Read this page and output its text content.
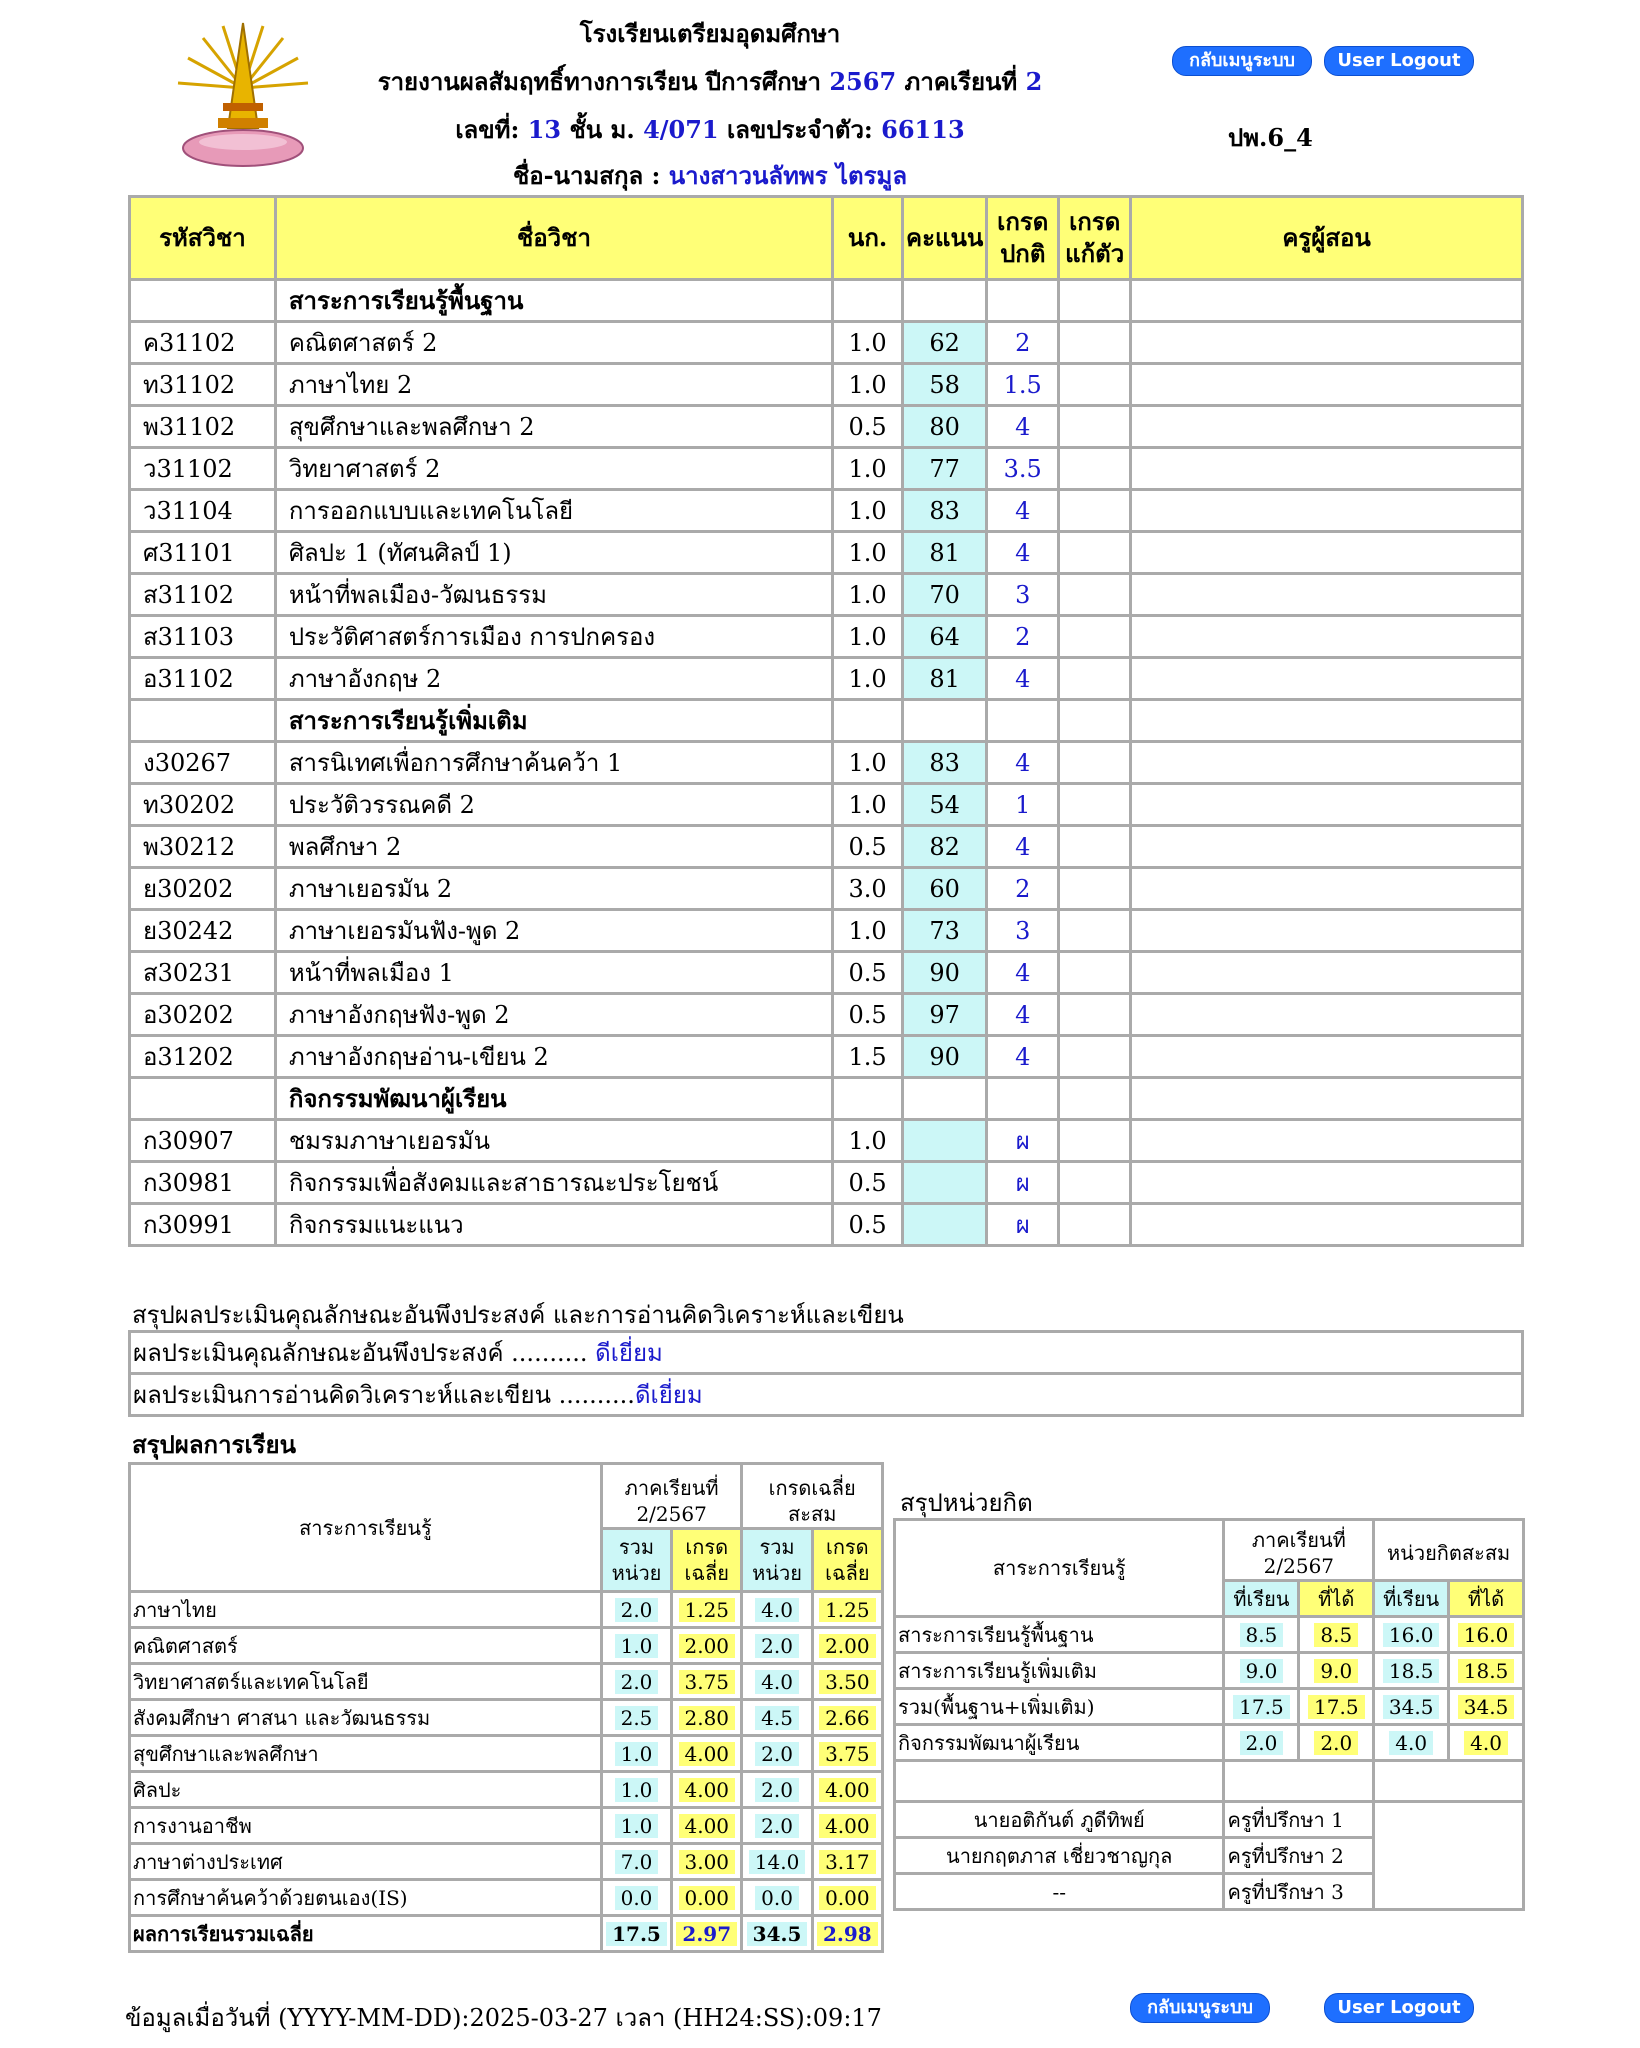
โรงเรียนเตรียมอุดมศึกษา
รายงานผลสัมฤทธิ์ทางการเรียน ปีการศึกษา 2567 ภาคเรียนที่ 2
เลขที่: 13 ชั้น ม. 4/071 เลขประจำตัว: 66113
ชื่อ-นามสกุล : นางสาวนลัทพร ไตรมูล
ปพ.6_4
กลับเมนูระบบ	User Logout
รหัสวิชา	ชื่อวิชา	นก.	คะแนน	เกรด ปกติ	เกรด แก้ตัว	ครูผู้สอน
	สาระการเรียนรู้พื้นฐาน					
ค31102	คณิตศาสตร์ 2	1.0	62	2		
ท31102	ภาษาไทย 2	1.0	58	1.5		
พ31102	สุขศึกษาและพลศึกษา 2	0.5	80	4		
ว31102	วิทยาศาสตร์ 2	1.0	77	3.5		
ว31104	การออกแบบและเทคโนโลยี	1.0	83	4		
ศ31101	ศิลปะ 1 (ทัศนศิลป์ 1)	1.0	81	4		
ส31102	หน้าที่พลเมือง-วัฒนธรรม	1.0	70	3		
ส31103	ประวัติศาสตร์การเมือง การปกครอง	1.0	64	2		
อ31102	ภาษาอังกฤษ 2	1.0	81	4		
	สาระการเรียนรู้เพิ่มเติม					
ง30267	สารนิเทศเพื่อการศึกษาค้นคว้า 1	1.0	83	4		
ท30202	ประวัติวรรณคดี 2	1.0	54	1		
พ30212	พลศึกษา 2	0.5	82	4		
ย30202	ภาษาเยอรมัน 2	3.0	60	2		
ย30242	ภาษาเยอรมันฟัง-พูด 2	1.0	73	3		
ส30231	หน้าที่พลเมือง 1	0.5	90	4		
อ30202	ภาษาอังกฤษฟัง-พูด 2	0.5	97	4		
อ31202	ภาษาอังกฤษอ่าน-เขียน 2	1.5	90	4		
	กิจกรรมพัฒนาผู้เรียน					
ก30907	ชมรมภาษาเยอรมัน	1.0		ผ		
ก30981	กิจกรรมเพื่อสังคมและสาธารณะประโยชน์	0.5		ผ		
ก30991	กิจกรรมแนะแนว	0.5		ผ		
สรุปผลประเมินคุณลักษณะอันพึงประสงค์ และการอ่านคิดวิเคราะห์และเขียน
ผลประเมินคุณลักษณะอันพึงประสงค์ .......... ดีเยี่ยม
ผลประเมินการอ่านคิดวิเคราะห์และเขียน ..........ดีเยี่ยม
สรุปผลการเรียน
สาระการเรียนรู้	ภาคเรียนที่ 2/2567		เกรดเฉลี่ย สะสม	
	รวม หน่วย	เกรด เฉลี่ย	รวม หน่วย	เกรด เฉลี่ย
ภาษาไทย	2.0	1.25	4.0	1.25
คณิตศาสตร์	1.0	2.00	2.0	2.00
วิทยาศาสตร์และเทคโนโลยี	2.0	3.75	4.0	3.50
สังคมศึกษา ศาสนา และวัฒนธรรม	2.5	2.80	4.5	2.66
สุขศึกษาและพลศึกษา	1.0	4.00	2.0	3.75
ศิลปะ	1.0	4.00	2.0	4.00
การงานอาชีพ	1.0	4.00	2.0	4.00
ภาษาต่างประเทศ	7.0	3.00	14.0	3.17
การศึกษาค้นคว้าด้วยตนเอง(IS)	0.0	0.00	0.0	0.00
ผลการเรียนรวมเฉลี่ย	17.5	2.97	34.5	2.98
สรุปหน่วยกิต
สาระการเรียนรู้	ภาคเรียนที่ 2/2567		หน่วยกิตสะสม	
	ที่เรียน	ที่ได้	ที่เรียน	ที่ได้
สาระการเรียนรู้พื้นฐาน	8.5	8.5	16.0	16.0
สาระการเรียนรู้เพิ่มเติม	9.0	9.0	18.5	18.5
รวม(พื้นฐาน+เพิ่มเติม)	17.5	17.5	34.5	34.5
กิจกรรมพัฒนาผู้เรียน	2.0	2.0	4.0	4.0

นายอติกันต์ ภูดีทิพย์	ครูที่ปรึกษา 1			
นายกฤตภาส เชี่ยวชาญกุล	ครูที่ปรึกษา 2			
--	ครูที่ปรึกษา 3			
กลับเมนูระบบ	User Logout
ข้อมูลเมื่อวันที่ (YYYY-MM-DD):2025-03-27 เวลา (HH24:SS):09:17
